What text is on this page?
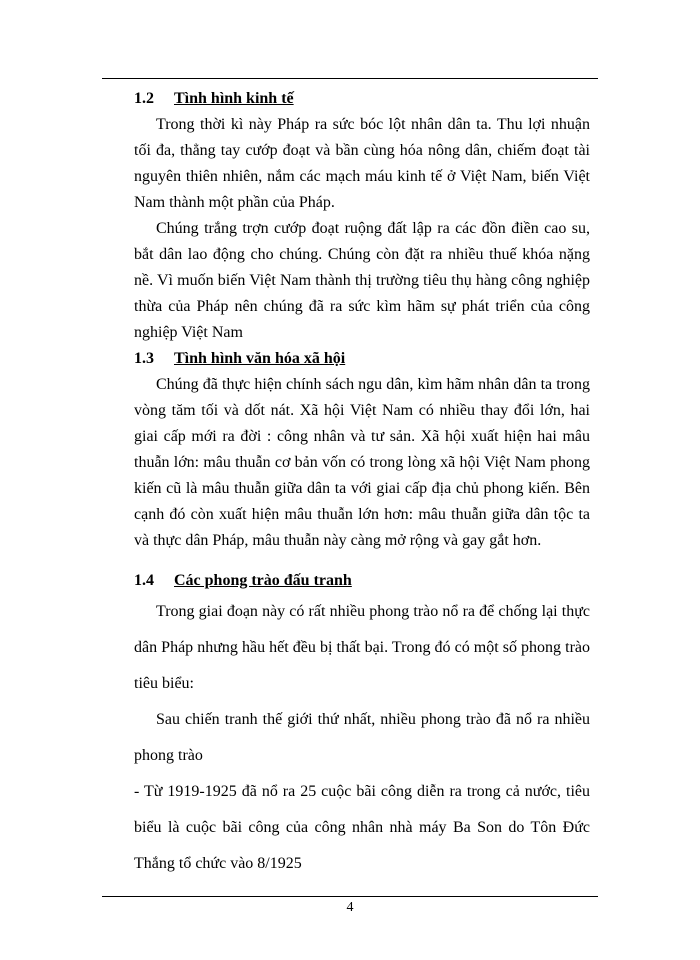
1.2 Tình hình kinh tế
Trong thời kì này Pháp ra sức bóc lột nhân dân ta. Thu lợi nhuận tối đa, thẳng tay cướp đoạt và bần cùng hóa nông dân, chiếm đoạt tài nguyên thiên nhiên, nắm các mạch máu kinh tế ở Việt Nam, biến Việt Nam thành một phần của Pháp.
Chúng trắng trợn cướp đoạt ruộng đất lập ra các đồn điền cao su, bắt dân lao động cho chúng. Chúng còn đặt ra nhiều thuế khóa nặng nề. Vì muốn biến Việt Nam thành thị trường tiêu thụ hàng công nghiệp thừa của Pháp nên chúng đã ra sức kìm hãm sự phát triển của công nghiệp Việt Nam
1.3 Tình hình văn hóa xã hội
Chúng đã thực hiện chính sách ngu dân, kìm hãm nhân dân ta trong vòng tăm tối và dốt nát. Xã hội Việt Nam có nhiều thay đổi lớn, hai giai cấp mới ra đời : công nhân và tư sản. Xã hội xuất hiện hai mâu thuẫn lớn: mâu thuẫn cơ bản vốn có trong lòng xã hội Việt Nam phong kiến cũ là mâu thuẫn giữa dân ta với giai cấp địa chủ phong kiến. Bên cạnh đó còn xuất hiện mâu thuẫn lớn hơn: mâu thuẫn giữa dân tộc ta và thực dân Pháp, mâu thuẫn này càng mở rộng và gay gắt hơn.
1.4 Các phong trào đấu tranh
Trong giai đoạn này có rất nhiều phong trào nổ ra để chống lại thực dân Pháp nhưng hầu hết đều bị thất bại. Trong đó có một số phong trào tiêu biểu:
Sau chiến tranh thế giới thứ nhất, nhiều phong trào đã nổ ra nhiều phong trào
- Từ 1919-1925 đã nổ ra 25 cuộc bãi công diễn ra trong cả nước, tiêu biểu là cuộc bãi công của công nhân nhà máy Ba Son do Tôn Đức Thắng tổ chức vào 8/1925
4
